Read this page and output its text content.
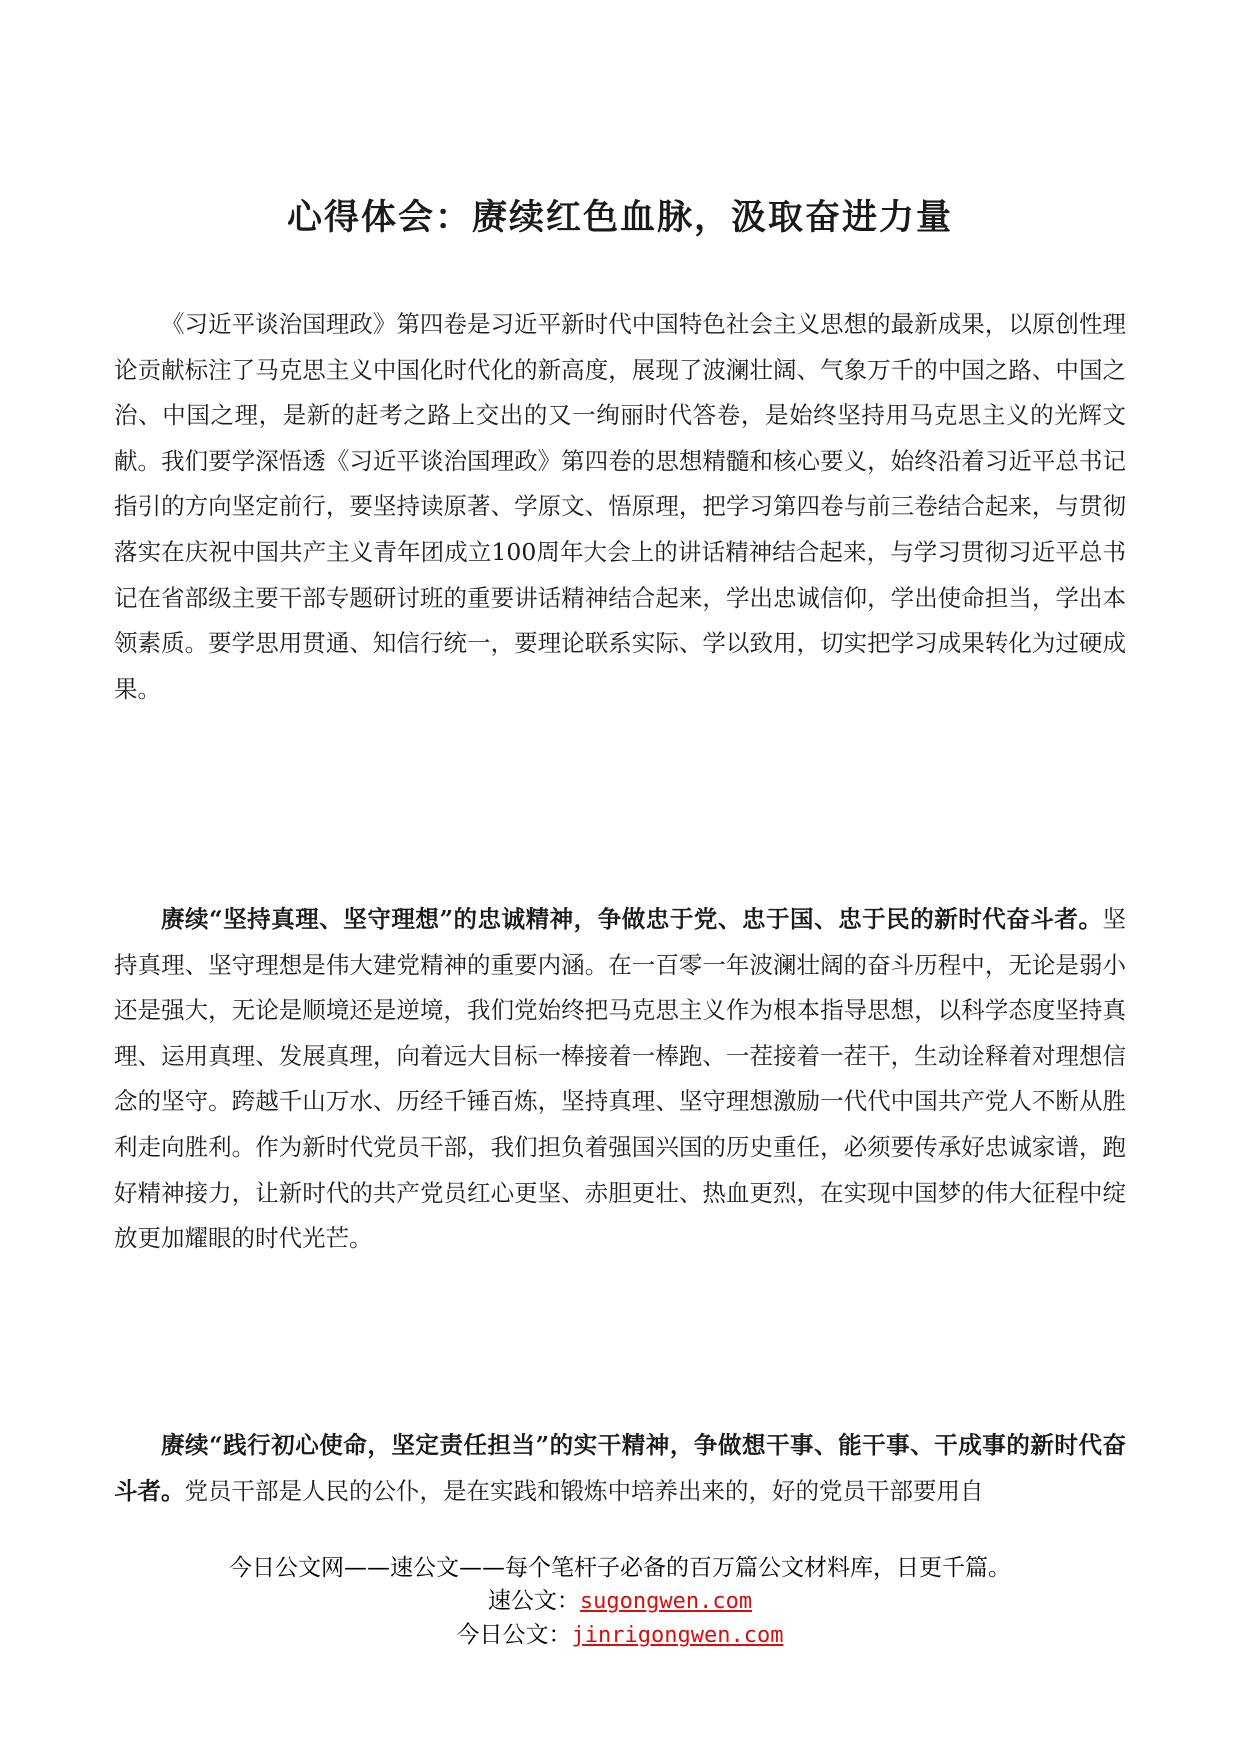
心得体会：赓续红色血脉，汲取奋进力量

《习近平谈治国理政》第四卷是习近平新时代中国特色社会主义思想的最新成果，以原创性理论贡献标注了马克思主义中国化时代化的新高度，展现了波澜壮阔、气象万千的中国之路、中国之治、中国之理，是新的赶考之路上交出的又一绚丽时代答卷，是始终坚持用马克思主义的光辉文献。我们要学深悟透《习近平谈治国理政》第四卷的思想精髓和核心要义，始终沿着习近平总书记指引的方向坚定前行，要坚持读原著、学原文、悟原理，把学习第四卷与前三卷结合起来，与贯彻落实在庆祝中国共产主义青年团成立100周年大会上的讲话精神结合起来，与学习贯彻习近平总书记在省部级主要干部专题研讨班的重要讲话精神结合起来，学出忠诚信仰，学出使命担当，学出本领素质。要学思用贯通、知信行统一，要理论联系实际、学以致用，切实把学习成果转化为过硬成果。

赓续“坚持真理、坚守理想”的忠诚精神，争做忠于党、忠于国、忠于民的新时代奋斗者。坚持真理、坚守理想是伟大建党精神的重要内涵。在一百零一年波澜壮阔的奋斗历程中，无论是弱小还是强大，无论是顺境还是逆境，我们党始终把马克思主义作为根本指导思想，以科学态度坚持真理、运用真理、发展真理，向着远大目标一棒接着一棒跑、一茬接着一茬干，生动诠释着对理想信念的坚守。跨越千山万水、历经千锤百炼，坚持真理、坚守理想激励一代代中国共产党人不断从胜利走向胜利。作为新时代党员干部，我们担负着强国兴国的历史重任，必须要传承好忠诚家谱，跑好精神接力，让新时代的共产党员红心更坚、赤胆更壮、热血更烈，在实现中国梦的伟大征程中绽放更加耀眼的时代光芒。

赓续“践行初心使命，坚定责任担当”的实干精神，争做想干事、能干事、干成事的新时代奋斗者。党员干部是人民的公仆，是在实践和锻炼中培养出来的，好的党员干部要用自

今日公文网——速公文——每个笔杆子必备的百万篇公文材料库，日更千篇。
速公文：sugongwen.com
今日公文：jinrigongwen.com
